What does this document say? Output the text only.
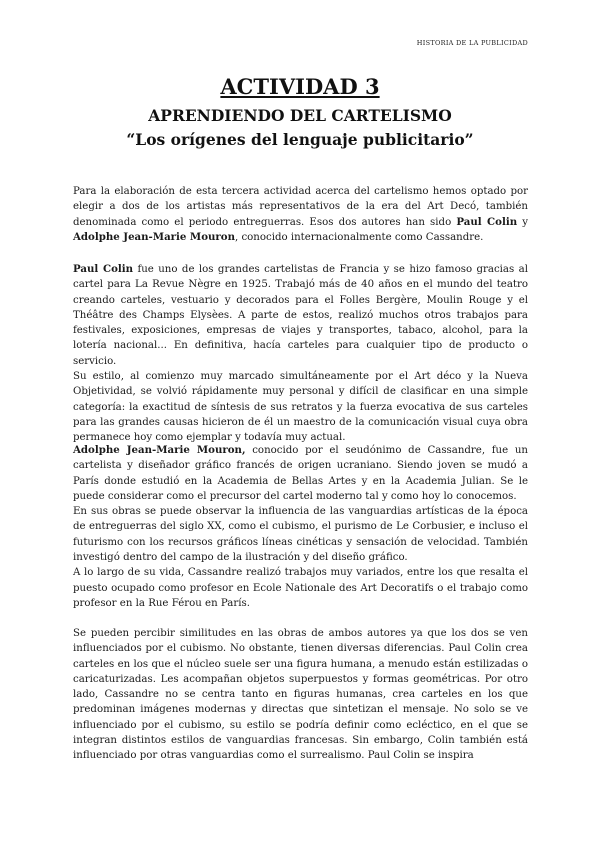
HISTORIA DE LA PUBLICIDAD
ACTIVIDAD 3
APRENDIENDO DEL CARTELISMO
“Los orígenes del lenguaje publicitario”

Para la elaboración de esta tercera actividad acerca del cartelismo hemos optado por elegir a dos de los artistas más representativos de la era del Art Decó, también denominada como el periodo entreguerras. Esos dos autores han sido Paul Colin y Adolphe Jean-Marie Mouron, conocido internacionalmente como Cassandre.

Paul Colin fue uno de los grandes cartelistas de Francia y se hizo famoso gracias al cartel para La Revue Nègre en 1925. Trabajó más de 40 años en el mundo del teatro creando carteles, vestuario y decorados para el Folles Bergère, Moulin Rouge y el Théâtre des Champs Elysèes. A parte de estos, realizó muchos otros trabajos para festivales, exposiciones, empresas de viajes y transportes, tabaco, alcohol, para la lotería nacional... En definitiva, hacía carteles para cualquier tipo de producto o servicio.

Su estilo, al comienzo muy marcado simultáneamente por el Art déco y la Nueva Objetividad, se volvió rápidamente muy personal y difícil de clasificar en una simple categoría: la exactitud de síntesis de sus retratos y la fuerza evocativa de sus carteles para las grandes causas hicieron de él un maestro de la comunicación visual cuya obra permanece hoy como ejemplar y todavía muy actual.

Adolphe Jean-Marie Mouron, conocido por el seudónimo de Cassandre, fue un cartelista y diseñador gráfico francés de origen ucraniano. Siendo joven se mudó a París donde estudió en la Academia de Bellas Artes y en la Academia Julian. Se le puede considerar como el precursor del cartel moderno tal y como hoy lo conocemos.

En sus obras se puede observar la influencia de las vanguardias artísticas de la época de entreguerras del siglo XX, como el cubismo, el purismo de Le Corbusier, e incluso el futurismo con los recursos gráficos líneas cinéticas y sensación de velocidad. También investigó dentro del campo de la ilustración y del diseño gráfico.

A lo largo de su vida, Cassandre realizó trabajos muy variados, entre los que resalta el puesto ocupado como profesor en Ecole Nationale des Art Decoratifs o el trabajo como profesor en la Rue Férou en París.

Se pueden percibir similitudes en las obras de ambos autores ya que los dos se ven influenciados por el cubismo. No obstante, tienen diversas diferencias. Paul Colin crea carteles en los que el núcleo suele ser una figura humana, a menudo están estilizadas o caricaturizadas. Les acompañan objetos superpuestos y formas geométricas. Por otro lado, Cassandre no se centra tanto en figuras humanas, crea carteles en los que predominan imágenes modernas y directas que sintetizan el mensaje. No solo se ve influenciado por el cubismo, su estilo se podría definir como ecléctico, en el que se integran distintos estilos de vanguardias francesas. Sin embargo, Colin también está influenciado por otras vanguardias como el surrealismo. Paul Colin se inspira
